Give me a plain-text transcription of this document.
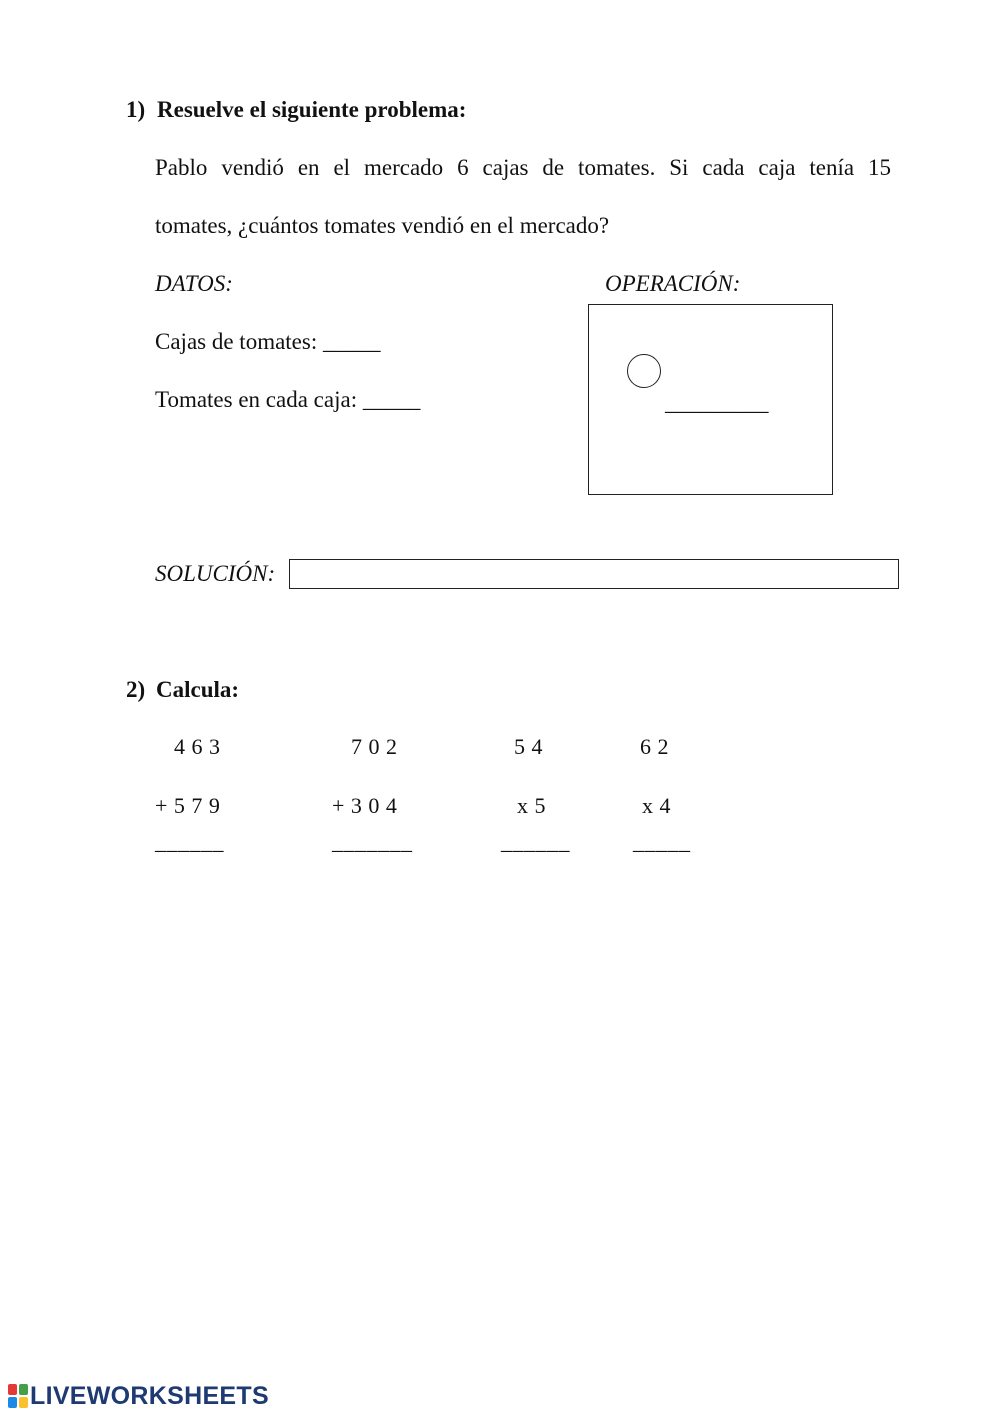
1) Resuelve el siguiente problema:
Pablo vendió en el mercado 6 cajas de tomates. Si cada caja tenía 15
tomates, ¿cuántos tomates vendió en el mercado?
DATOS:	OPERACIÓN:
Cajas de tomates: _____
Tomates en cada caja: _____	_________
SOLUCIÓN:
2) Calcula:
4 6 3
+ 5 7 9
______
7 0 2
+ 3 0 4
_______
5 4
x 5
______
6 2
x 4
_____
LIVEWORKSHEETS
